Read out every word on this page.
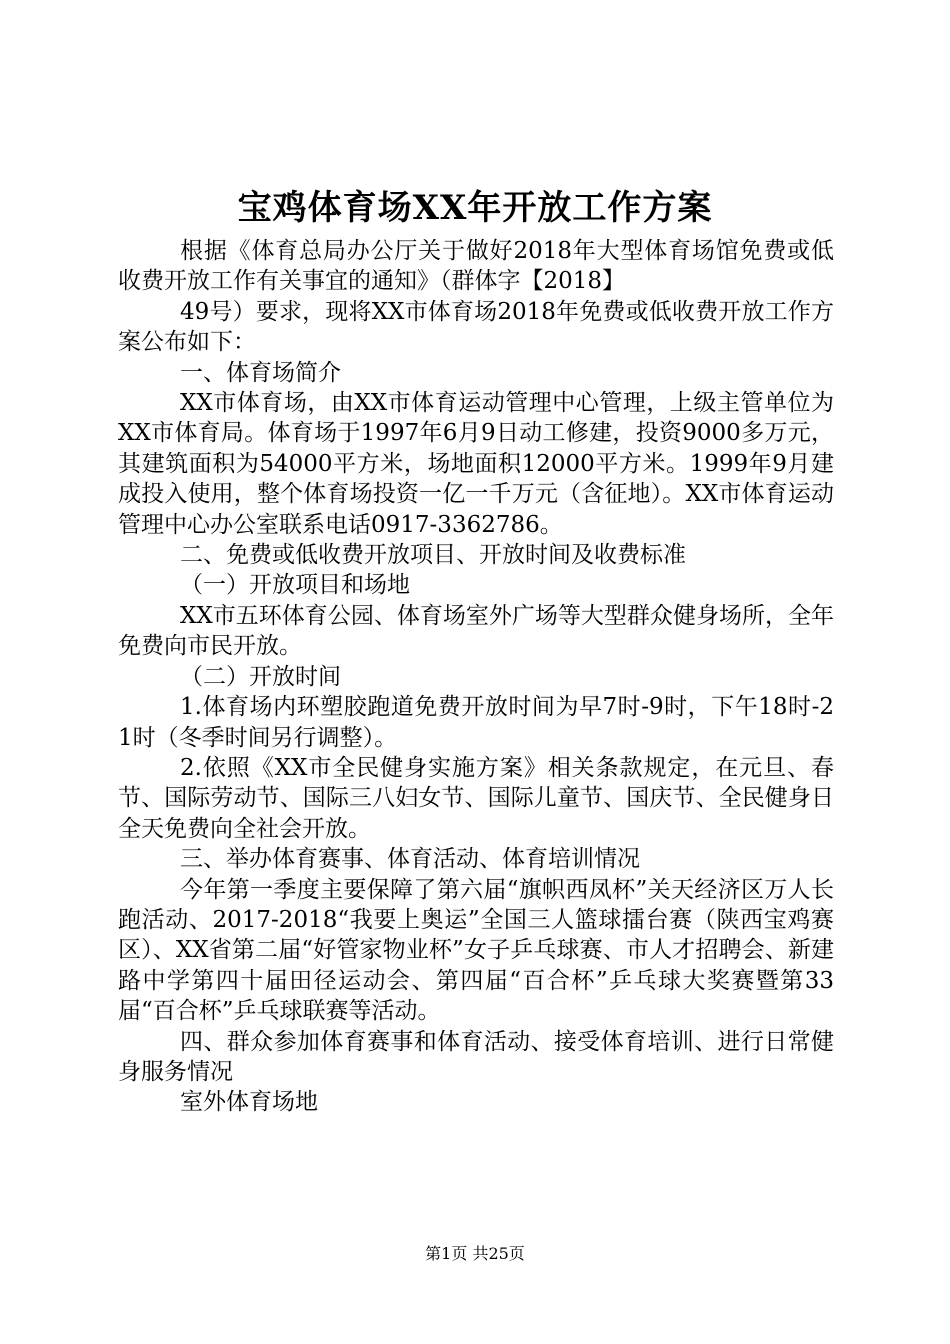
宝鸡体育场XX年开放工作方案

根据《体育总局办公厅关于做好2018年大型体育场馆免费或低收费开放工作有关事宜的通知》（群体字【2018】

49号）要求，现将XX市体育场2018年免费或低收费开放工作方案公布如下：

一、体育场简介

XX市体育场，由XX市体育运动管理中心管理，上级主管单位为XX市体育局。体育场于1997年6月9日动工修建，投资9000多万元，其建筑面积为54000平方米，场地面积12000平方米。1999年9月建成投入使用，整个体育场投资一亿一千万元（含征地）。XX市体育运动管理中心办公室联系电话0917-3362786。

二、免费或低收费开放项目、开放时间及收费标准

（一）开放项目和场地

XX市五环体育公园、体育场室外广场等大型群众健身场所，全年免费向市民开放。

（二）开放时间

1.体育场内环塑胶跑道免费开放时间为早7时-9时，下午18时-21时（冬季时间另行调整）。

2.依照《XX市全民健身实施方案》相关条款规定，在元旦、春节、国际劳动节、国际三八妇女节、国际儿童节、国庆节、全民健身日全天免费向全社会开放。

三、举办体育赛事、体育活动、体育培训情况

今年第一季度主要保障了第六届“旗帜西凤杯”关天经济区万人长跑活动、2017-2018“我要上奥运”全国三人篮球擂台赛（陕西宝鸡赛区）、XX省第二届“好管家物业杯”女子乒乓球赛、市人才招聘会、新建路中学第四十届田径运动会、第四届“百合杯”乒乓球大奖赛暨第33届“百合杯”乒乓球联赛等活动。

四、群众参加体育赛事和体育活动、接受体育培训、进行日常健身服务情况

室外体育场地

第1页 共25页
